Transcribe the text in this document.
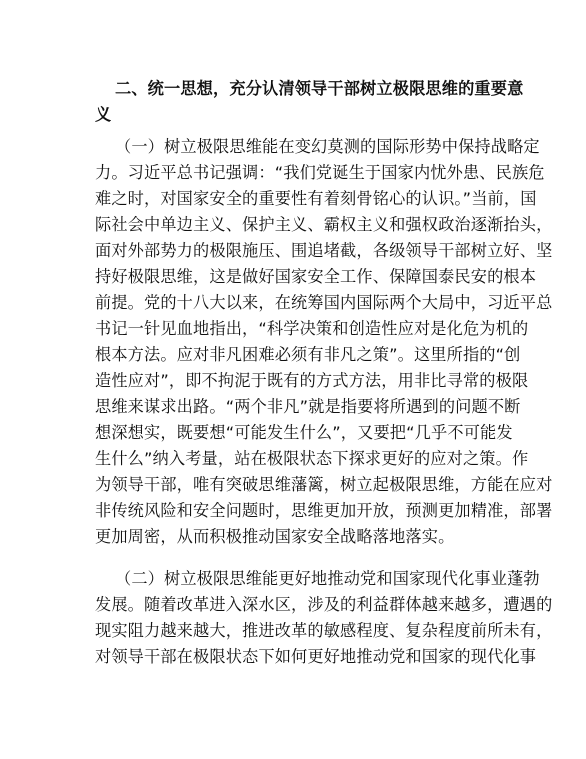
二、统一思想，充分认清领导干部树立极限思维的重要意
义
（一）树立极限思维能在变幻莫测的国际形势中保持战略定
力。习近平总书记强调：“我们党诞生于国家内忧外患、民族危
难之时，对国家安全的重要性有着刻骨铭心的认识。”当前，国
际社会中单边主义、保护主义、霸权主义和强权政治逐渐抬头，
面对外部势力的极限施压、围追堵截，各级领导干部树立好、坚
持好极限思维，这是做好国家安全工作、保障国泰民安的根本
前提。党的十八大以来，在统筹国内国际两个大局中，习近平总
书记一针见血地指出，“科学决策和创造性应对是化危为机的
根本方法。应对非凡困难必须有非凡之策”。这里所指的“创
造性应对”，即不拘泥于既有的方式方法，用非比寻常的极限
思维来谋求出路。“两个非凡”就是指要将所遇到的问题不断
想深想实，既要想“可能发生什么”，又要把“几乎不可能发
生什么”纳入考量，站在极限状态下探求更好的应对之策。作
为领导干部，唯有突破思维藩篱，树立起极限思维，方能在应对
非传统风险和安全问题时，思维更加开放，预测更加精准，部署
更加周密，从而积极推动国家安全战略落地落实。
（二）树立极限思维能更好地推动党和国家现代化事业蓬勃
发展。随着改革进入深水区，涉及的利益群体越来越多，遭遇的
现实阻力越来越大，推进改革的敏感程度、复杂程度前所未有，
对领导干部在极限状态下如何更好地推动党和国家的现代化事
